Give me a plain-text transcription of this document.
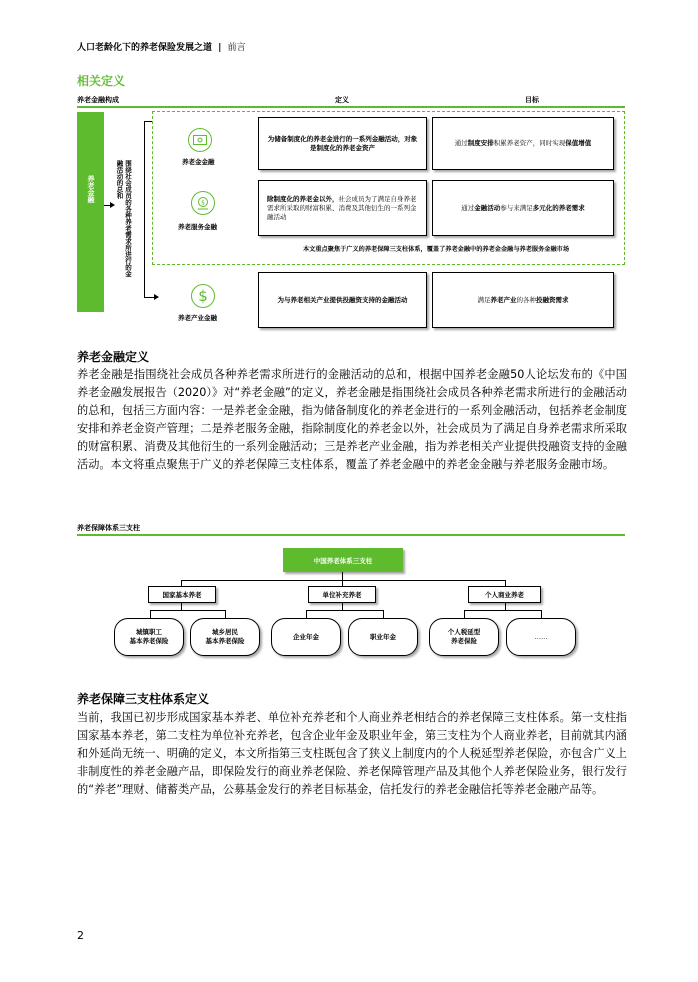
人口老龄化下的养老保险发展之道 | 前言
相关定义
养老金融构成	定义	目标
养老金融	围绕社会成员的各种养老需求所进行的金融活动的总和	养老金金融
为储备制度化的养老金进行的一系列金融活动，对象是制度化的养老金资产
通过制度安排积累养老资产，同时实现保值增值
$
养老服务金融
除制度化的养老金以外，社会成员为了满足自身养老需求所采取的财富积累、消费及其他衍生的一系列金融活动
通过金融活动参与来满足多元化的养老需求
本文重点聚焦于广义的养老保障三支柱体系，覆盖了养老金融中的养老金金融与养老服务金融市场
$
养老产业金融
为与养老相关产业提供投融资支持的金融活动	满足养老产业的各种投融资需求
养老金融定义
养老金融是指围绕社会成员各种养老需求所进行的金融活动的总和，根据中国养老金融50人论坛发布的《中国养老金融发展报告（2020）》对“养老金融”的定义，养老金融是指围绕社会成员各种养老需求所进行的金融活动的总和，包括三方面内容：一是养老金金融，指为储备制度化的养老金进行的一系列金融活动，包括养老金制度安排和养老金资产管理；二是养老服务金融，指除制度化的养老金以外，社会成员为了满足自身养老需求所采取的财富积累、消费及其他衍生的一系列金融活动；三是养老产业金融，指为养老相关产业提供投融资支持的金融活动。本文将重点聚焦于广义的养老保障三支柱体系，覆盖了养老金融中的养老金金融与养老服务金融市场。
养老保障体系三支柱
中国养老体系三支柱
国家基本养老	单位补充养老	个人商业养老
城镇职工
基本养老保险
城乡居民
基本养老保险
企业年金	职业年金
个人税延型
养老保险
……
养老保障三支柱体系定义
当前，我国已初步形成国家基本养老、单位补充养老和个人商业养老相结合的养老保障三支柱体系。第一支柱指国家基本养老，第二支柱为单位补充养老，包含企业年金及职业年金，第三支柱为个人商业养老，目前就其内涵和外延尚无统一、明确的定义，本文所指第三支柱既包含了狭义上制度内的个人税延型养老保险，亦包含广义上非制度性的养老金融产品，即保险发行的商业养老保险、养老保障管理产品及其他个人养老保险业务，银行发行的“养老”理财、储蓄类产品，公募基金发行的养老目标基金，信托发行的养老金融信托等养老金融产品等。
2
